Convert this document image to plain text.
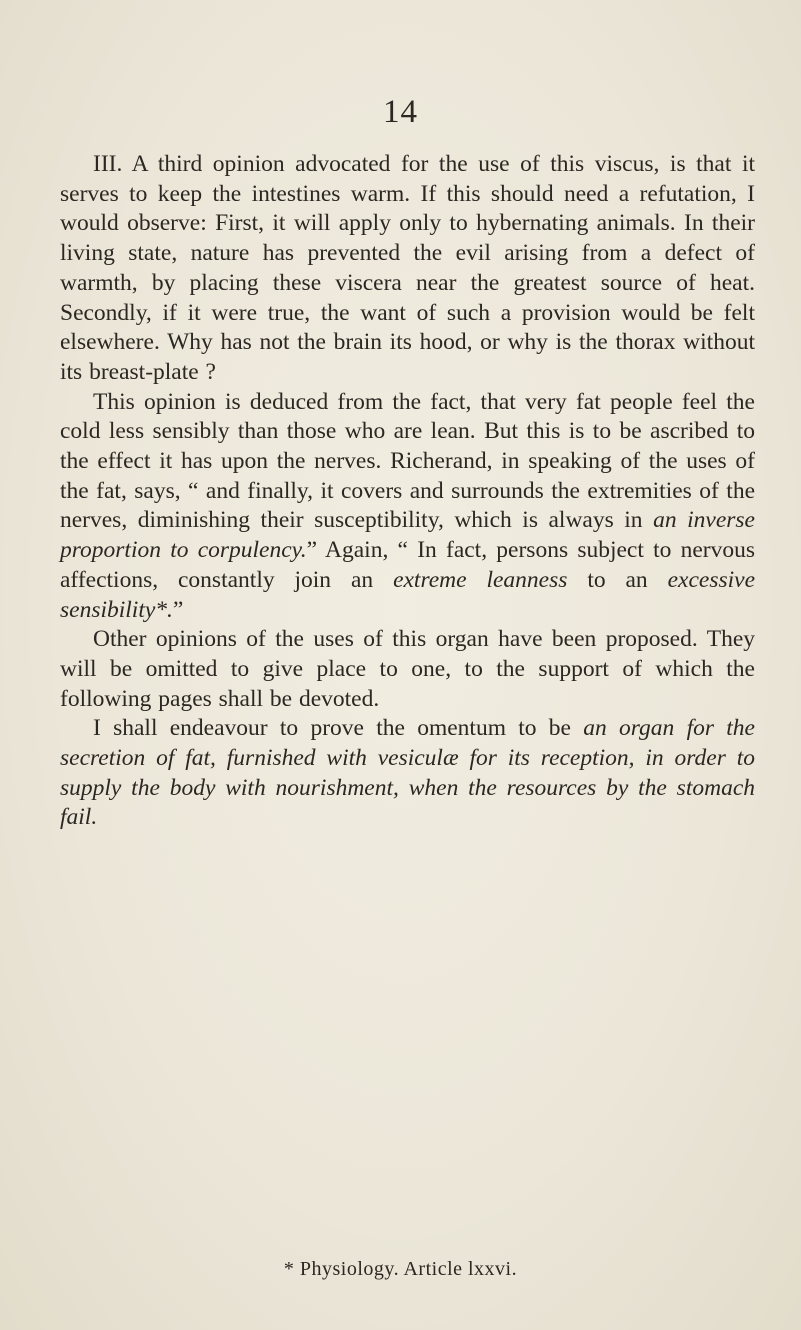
14

III. A third opinion advocated for the use of this viscus, is that it serves to keep the intestines warm. If this should need a refutation, I would observe: First, it will apply only to hybernating animals. In their living state, nature has prevented the evil arising from a defect of warmth, by placing these viscera near the greatest source of heat. Secondly, if it were true, the want of such a provision would be felt elsewhere. Why has not the brain its hood, or why is the thorax without its breast-plate ?

This opinion is deduced from the fact, that very fat people feel the cold less sensibly than those who are lean. But this is to be ascribed to the effect it has upon the nerves. Richerand, in speaking of the uses of the fat, says, “ and finally, it covers and surrounds the extremities of the nerves, diminishing their susceptibility, which is always in an inverse proportion to corpulency.” Again, “ In fact, persons subject to nervous affections, constantly join an extreme leanness to an excessive sensibility*.”

Other opinions of the uses of this organ have been proposed. They will be omitted to give place to one, to the support of which the following pages shall be devoted.

I shall endeavour to prove the omentum to be an organ for the secretion of fat, furnished with vesiculæ for its reception, in order to supply the body with nourishment, when the resources by the stomach fail.

* Physiology. Article lxxvi.
